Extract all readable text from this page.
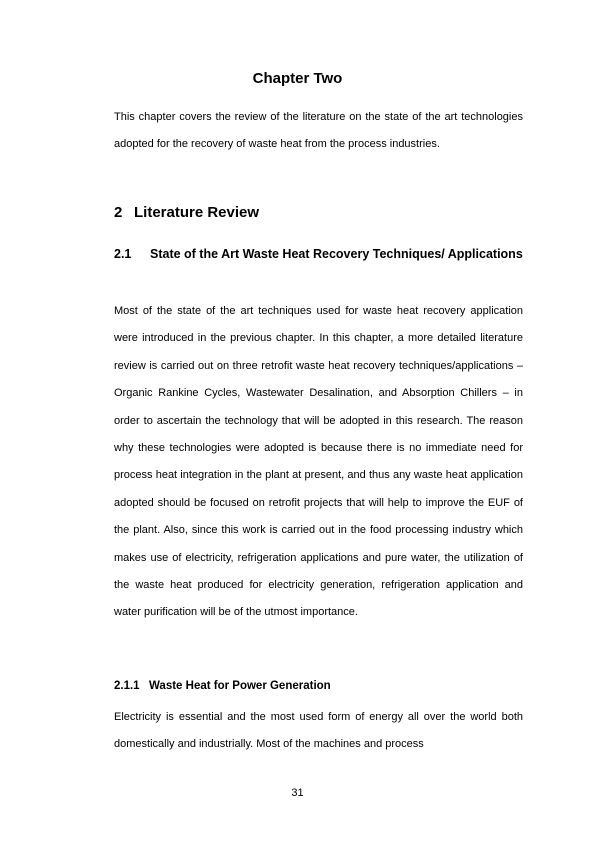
Chapter Two

This chapter covers the review of the literature on the state of the art technologies adopted for the recovery of waste heat from the process industries.

2 Literature Review
2.1	State of the Art Waste Heat Recovery Techniques/ Applications

Most of the state of the art techniques used for waste heat recovery application were introduced in the previous chapter. In this chapter, a more detailed literature review is carried out on three retrofit waste heat recovery techniques/applications – Organic Rankine Cycles, Wastewater Desalination, and Absorption Chillers – in order to ascertain the technology that will be adopted in this research. The reason why these technologies were adopted is because there is no immediate need for process heat integration in the plant at present, and thus any waste heat application adopted should be focused on retrofit projects that will help to improve the EUF of the plant. Also, since this work is carried out in the food processing industry which makes use of electricity, refrigeration applications and pure water, the utilization of the waste heat produced for electricity generation, refrigeration application and water purification will be of the utmost importance.

2.1.1 Waste Heat for Power Generation

Electricity is essential and the most used form of energy all over the world both domestically and industrially. Most of the machines and process

31
